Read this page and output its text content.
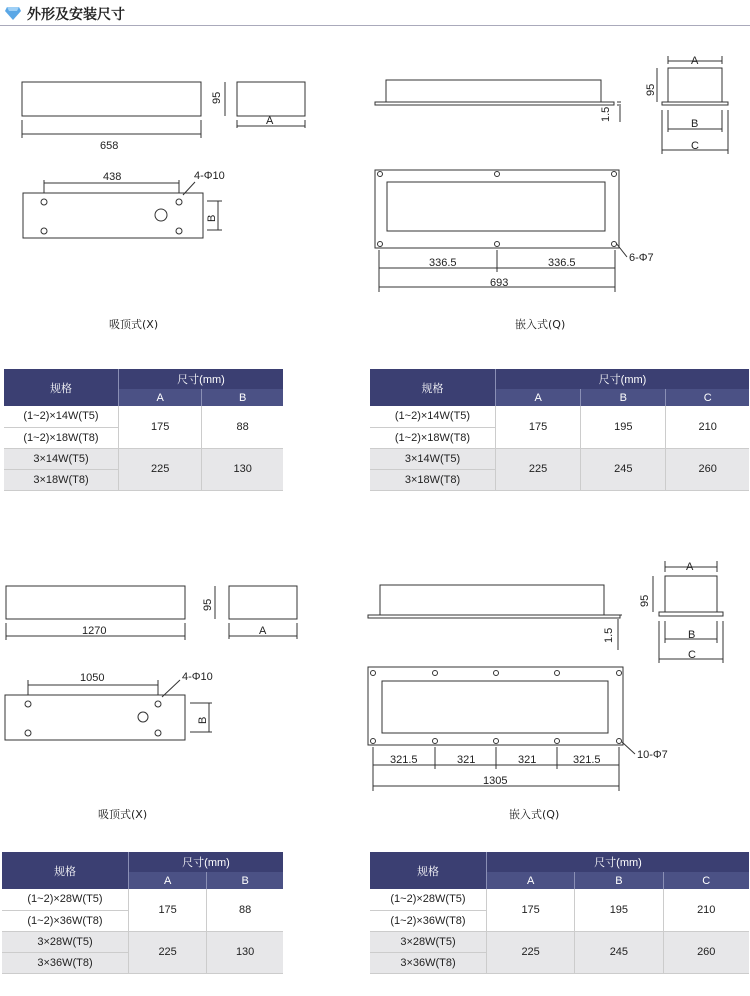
外形及安装尺寸
658
95
A
438	4-Φ10
B
吸顶式(X)
A
95
1.5
B
C
336.5	336.5
693
6-Φ7
嵌入式(Q)
规格	尺寸(mm)	
	A	B
(1~2)×14W(T5)	175	88
(1~2)×18W(T8)		
3×14W(T5)	225	130
3×18W(T8)		
规格	尺寸(mm)		
	A	B	C
(1~2)×14W(T5)	175	195	210
(1~2)×18W(T8)			
3×14W(T5)	225	245	260
3×18W(T8)			
1270
95
A
1050	4-Φ10
B
吸顶式(X)
A
95
1.5	B
C
321.5	321	321	321.5
1305
10-Φ7
嵌入式(Q)
规格	尺寸(mm)	
	A	B
(1~2)×28W(T5)	175	88
(1~2)×36W(T8)		
3×28W(T5)	225	130
3×36W(T8)		
规格	尺寸(mm)		
	A	B	C
(1~2)×28W(T5)	175	195	210
(1~2)×36W(T8)			
3×28W(T5)	225	245	260
3×36W(T8)			
